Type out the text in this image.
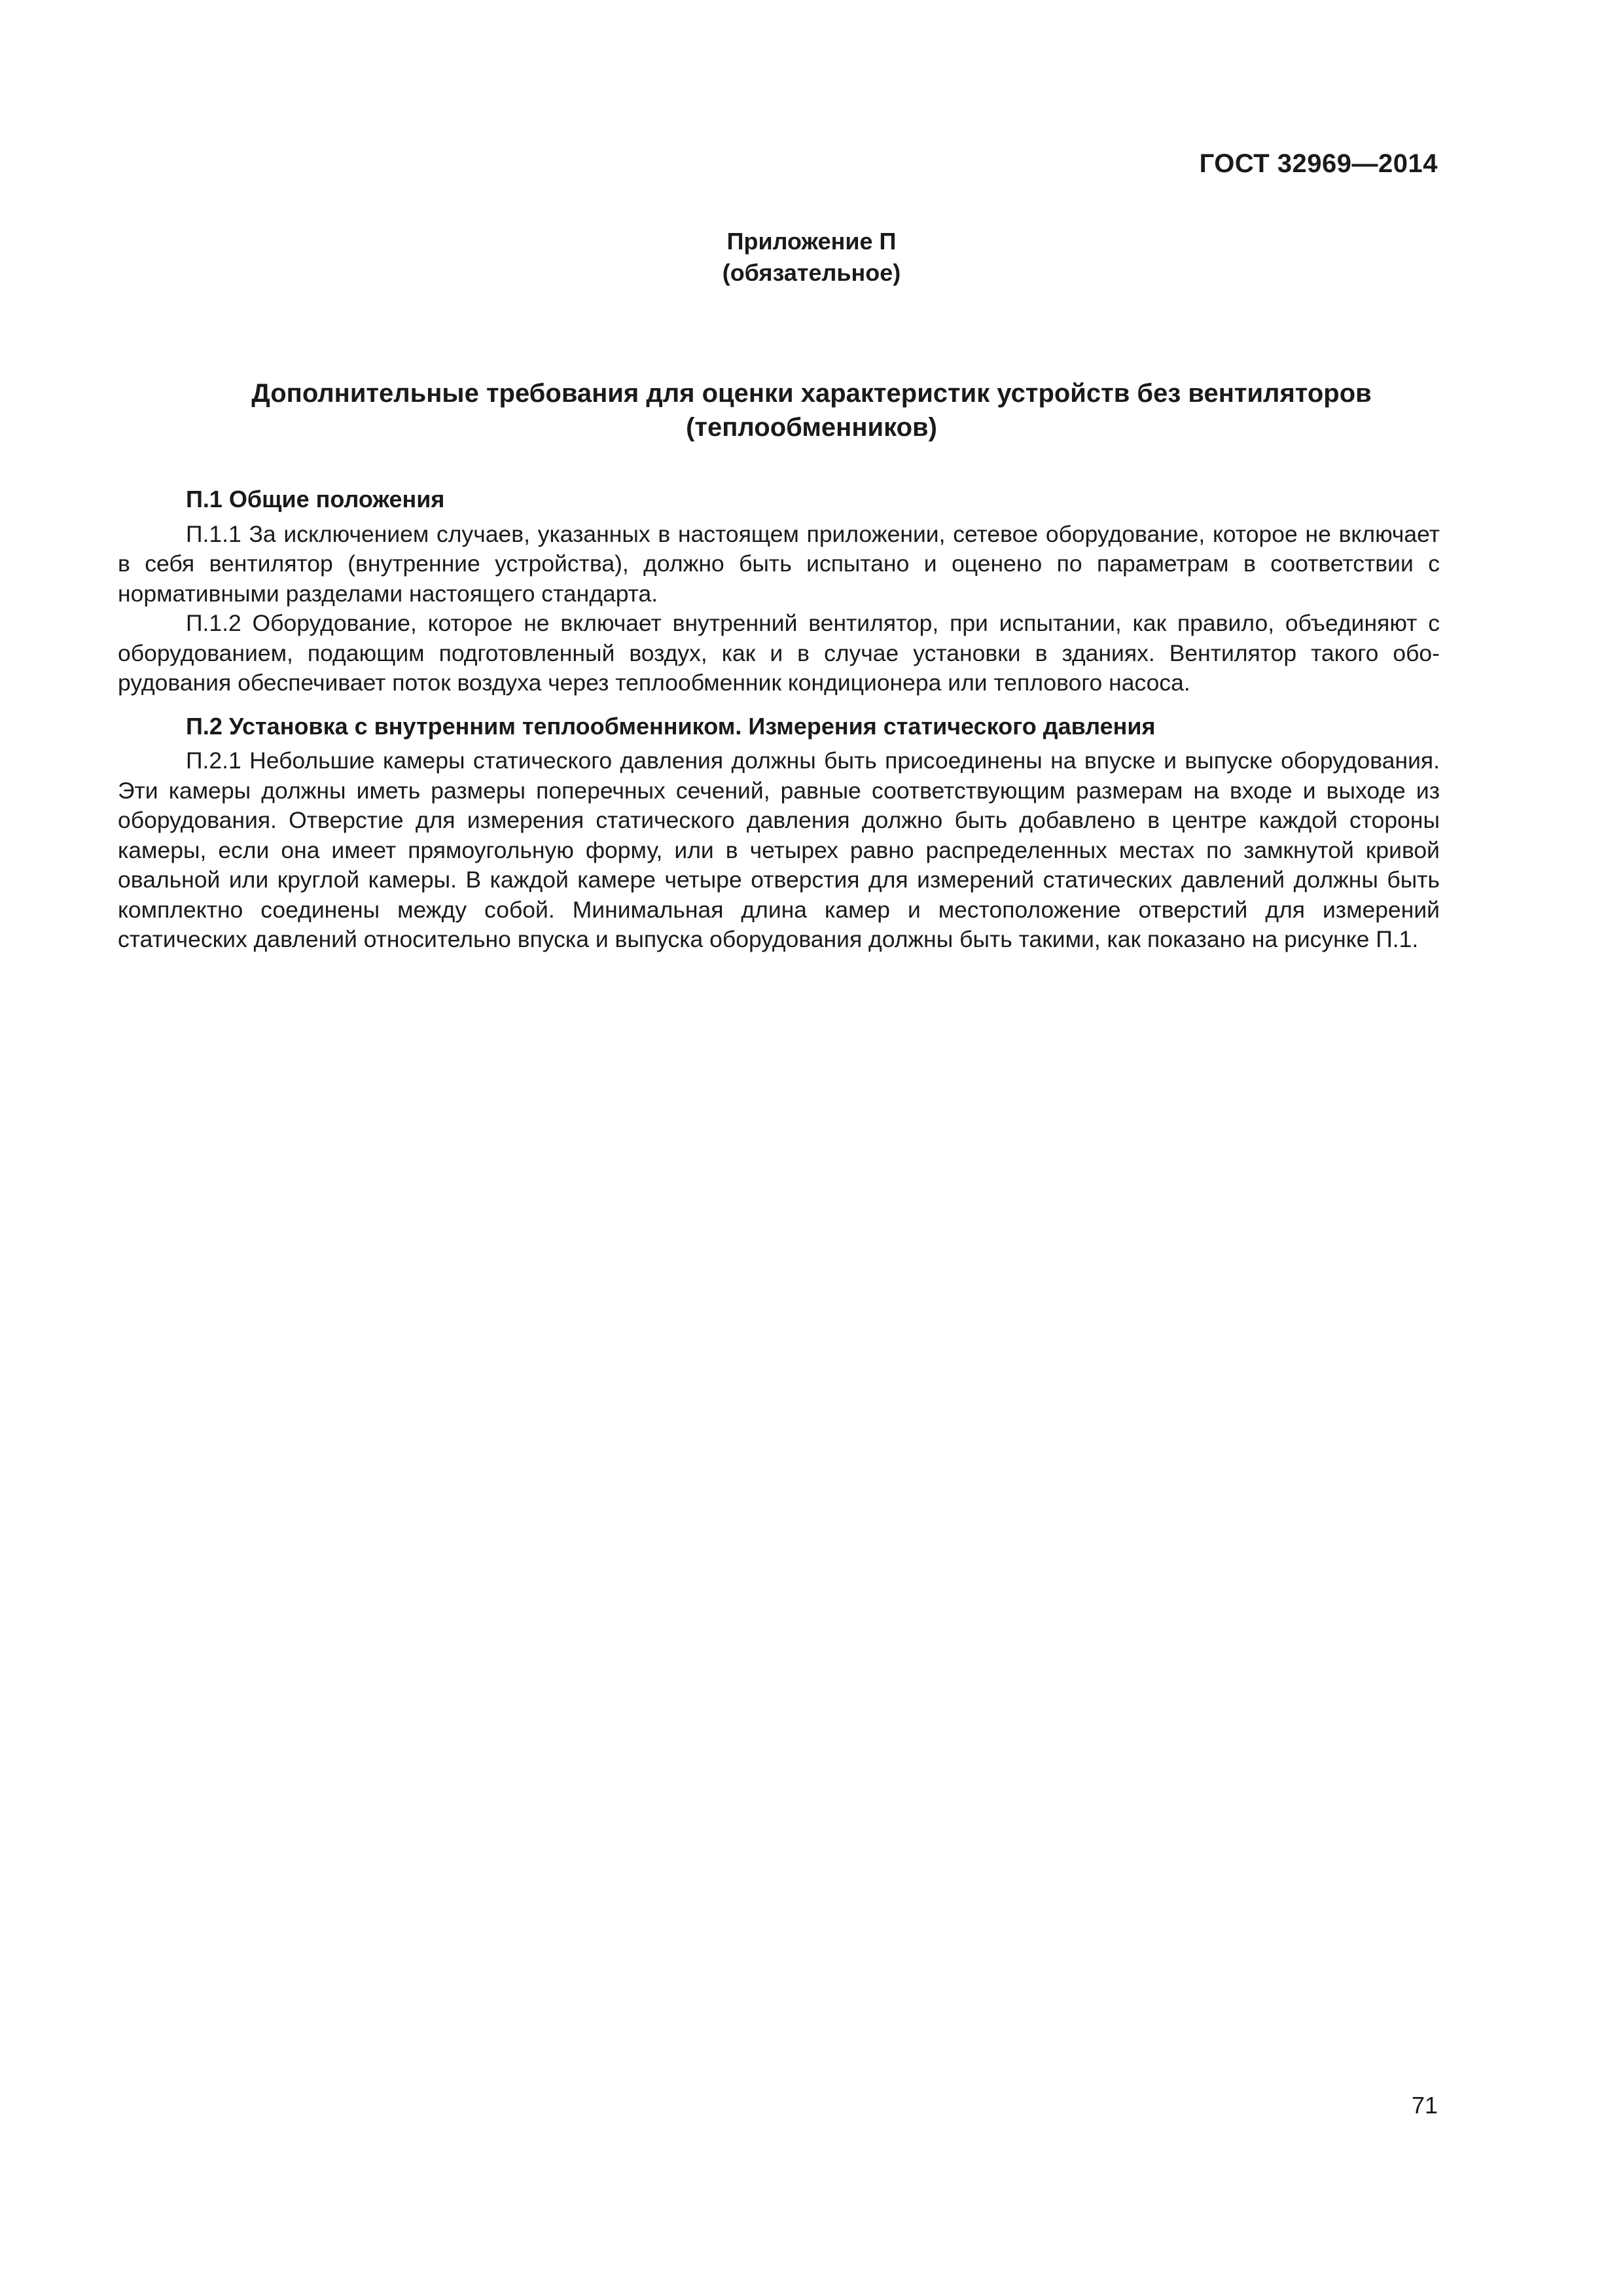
ГОСТ 32969—2014
Приложение П
(обязательное)
Дополнительные требования для оценки характеристик устройств без вентиляторов
(теплообменников)
П.1 Общие положения

П.1.1 За исключением случаев, указанных в настоящем приложении, сетевое оборудование, которое не включает в себя вентилятор (внутренние устройства), должно быть испытано и оценено по параметрам в соответствии с нормативными разделами настоящего стандарта.

П.1.2 Оборудование, которое не включает внутренний вентилятор, при испытании, как правило, объединяют с оборудованием, подающим подготовленный воздух, как и в случае установки в зданиях. Вентилятор такого оборудования обеспечивает поток воздуха через теплообменник кондиционера или теплового насоса.

П.2 Установка с внутренним теплообменником. Измерения статического давления

П.2.1 Небольшие камеры статического давления должны быть присоединены на впуске и выпуске оборудования. Эти камеры должны иметь размеры поперечных сечений, равные соответствующим размерам на входе и выходе из оборудования. Отверстие для измерения статического давления должно быть добавлено в центре каждой стороны камеры, если она имеет прямоугольную форму, или в четырех равно распределенных местах по замкнутой кривой овальной или круглой камеры. В каждой камере четыре отверстия для измерений статических давлений должны быть комплектно соединены между собой. Минимальная длина камер и местоположение отверстий для измерений статических давлений относительно впуска и выпуска оборудования должны быть такими, как показано на рисунке П.1.

71
